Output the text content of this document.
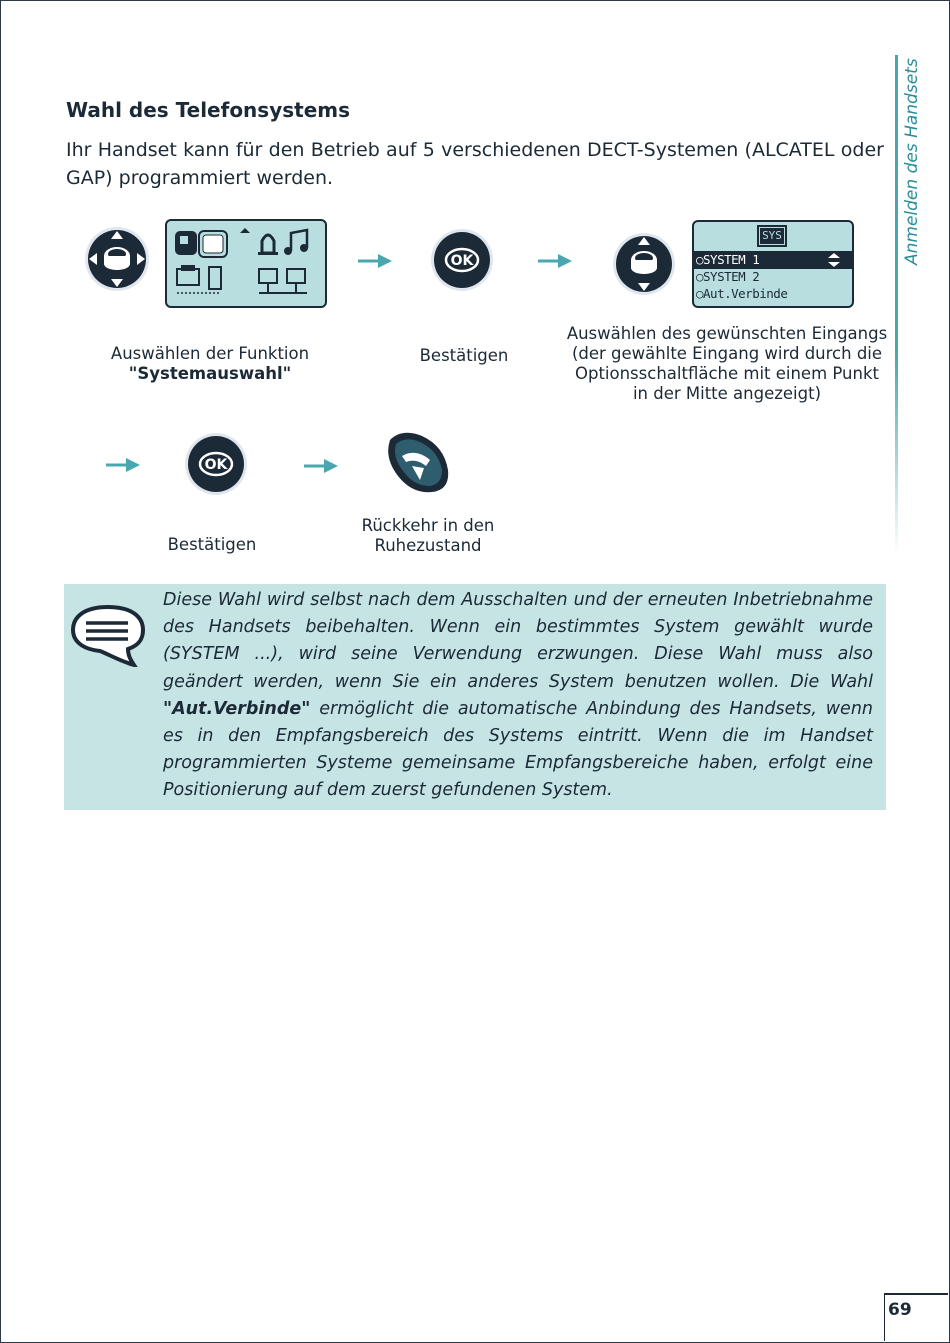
Anmelden des Handsets
Wahl des Telefonsystems

Ihr Handset kann für den Betrieb auf 5 verschiedenen DECT-Systemen (ALCATEL oder GAP) programmiert werden.

OK
SYS
○SYSTEM 1
○SYSTEM 2
○Aut.Verbinde
Auswählen der Funktion
"Systemauswahl"
Bestätigen
Auswählen des gewünschten Eingangs (der gewählte Eingang wird durch die Optionsschaltfläche mit einem Punkt in der Mitte angezeigt)
OK
Bestätigen
Rückkehr in den
Ruhezustand

Diese Wahl wird selbst nach dem Ausschalten und der erneuten Inbetriebnahme des Handsets beibehalten. Wenn ein bestimmtes System gewählt wurde (SYSTEM ...), wird seine Verwendung erzwungen. Diese Wahl muss also geändert werden, wenn Sie ein anderes System benutzen wollen. Die Wahl "Aut.Verbinde" ermöglicht die automatische Anbindung des Handsets, wenn es in den Empfangsbereich des Systems eintritt. Wenn die im Handset programmierten Systeme gemeinsame Empfangsbereiche haben, erfolgt eine Positionierung auf dem zuerst gefundenen System.

69
